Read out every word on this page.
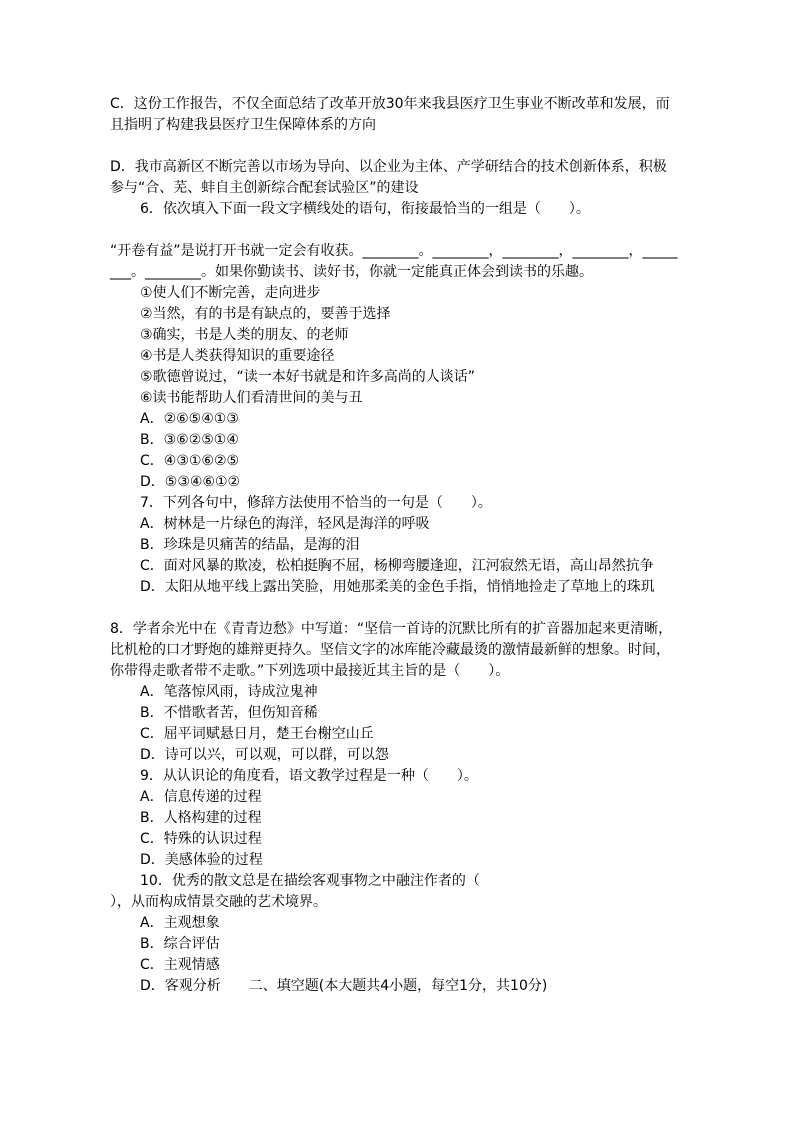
C．这份工作报告，不仅全面总结了改革开放30年来我县医疗卫生事业不断改革和发展，而且指明了构建我县医疗卫生保障体系的方向

D．我市高新区不断完善以市场为导向、以企业为主体、产学研结合的技术创新体系，积极参与“合、芜、蚌自主创新综合配套试验区”的建设

6．依次填入下面一段文字横线处的语句，衔接最恰当的一组是（　　）。

“开卷有益”是说打开书就一定会有收获。________。________，________，________，________。________。如果你勤读书、读好书，你就一定能真正体会到读书的乐趣。

①使人们不断完善，走向进步

②当然，有的书是有缺点的，要善于选择

③确实，书是人类的朋友、的老师

④书是人类获得知识的重要途径

⑤歌德曾说过，“读一本好书就是和许多高尚的人谈话”

⑥读书能帮助人们看清世间的美与丑

A．②⑥⑤④①③

B．③⑥②⑤①④

C．④③①⑥②⑤

D．⑤③④⑥①②

7．下列各句中，修辞方法使用不恰当的一句是（　　）。

A．树林是一片绿色的海洋，轻风是海洋的呼吸

B．珍珠是贝痛苦的结晶，是海的泪

C．面对风暴的欺凌，松柏挺胸不屈，杨柳弯腰逢迎，江河寂然无语，高山昂然抗争

D．太阳从地平线上露出笑脸，用她那柔美的金色手指，悄悄地捡走了草地上的珠玑

8．学者余光中在《青青边愁》中写道：“坚信一首诗的沉默比所有的扩音器加起来更清晰，比机枪的口才野炮的雄辩更持久。坚信文字的冰库能冷藏最烫的激情最新鲜的想象。时间，你带得走歌者带不走歌。”下列选项中最接近其主旨的是（　　）。

A．笔落惊风雨，诗成泣鬼神

B．不惜歌者苦，但伤知音稀

C．屈平词赋悬日月，楚王台榭空山丘

D．诗可以兴，可以观，可以群，可以怨

9．从认识论的角度看，语文教学过程是一种（　　）。

A．信息传递的过程

B．人格构建的过程

C．特殊的认识过程

D．美感体验的过程

10．优秀的散文总是在描绘客观事物之中融注作者的（

），从而构成情景交融的艺术境界。

A．主观想象

B．综合评估

C．主观情感

D．客观分析　　二、填空题(本大题共4小题，每空1分，共10分)
